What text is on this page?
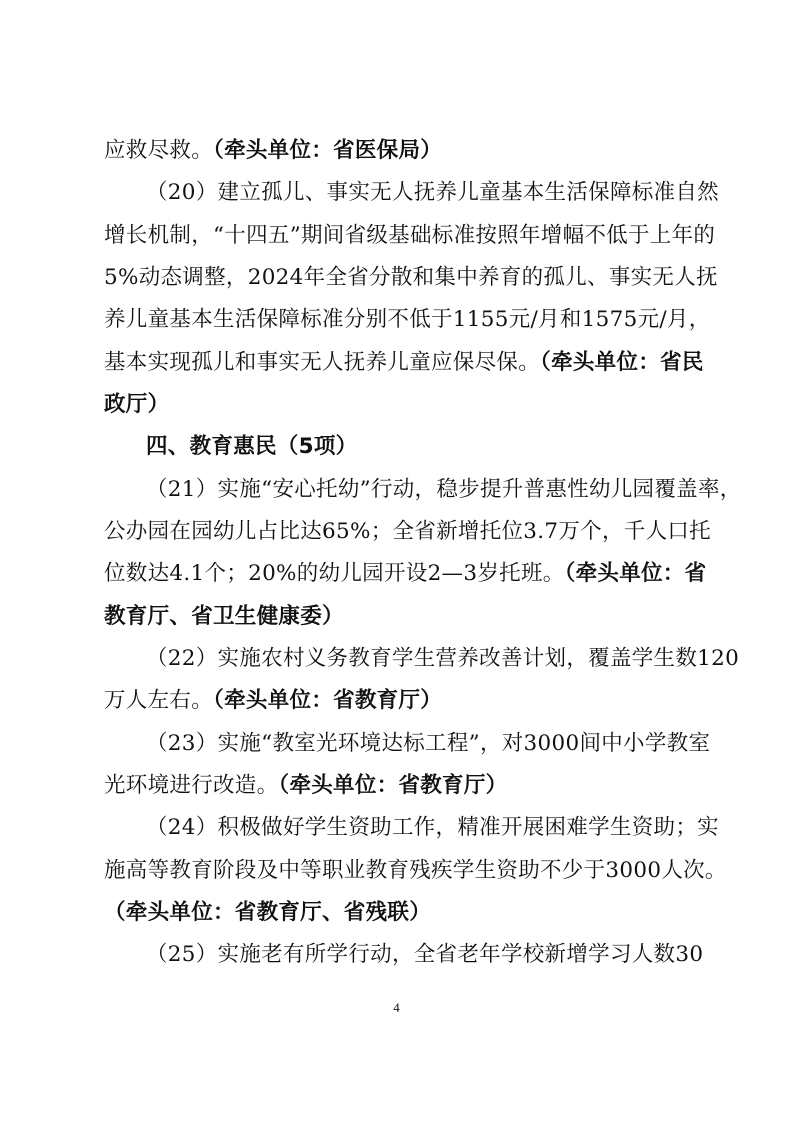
应救尽救。（牵头单位：省医保局）
（20）建立孤儿、事实无人抚养儿童基本生活保障标准自然
增长机制，“十四五”期间省级基础标准按照年增幅不低于上年的
5%动态调整，2024年全省分散和集中养育的孤儿、事实无人抚
养儿童基本生活保障标准分别不低于1155元/月和1575元/月，
基本实现孤儿和事实无人抚养儿童应保尽保。（牵头单位：省民
政厅）
四、教育惠民（5项）
（21）实施“安心托幼”行动，稳步提升普惠性幼儿园覆盖率，
公办园在园幼儿占比达65%；全省新增托位3.7万个，千人口托
位数达4.1个；20%的幼儿园开设2—3岁托班。（牵头单位：省
教育厅、省卫生健康委）
（22）实施农村义务教育学生营养改善计划，覆盖学生数120
万人左右。（牵头单位：省教育厅）
（23）实施“教室光环境达标工程”，对3000间中小学教室
光环境进行改造。（牵头单位：省教育厅）
（24）积极做好学生资助工作，精准开展困难学生资助；实
施高等教育阶段及中等职业教育残疾学生资助不少于3000人次。
（牵头单位：省教育厅、省残联）
（25）实施老有所学行动，全省老年学校新增学习人数30
4
